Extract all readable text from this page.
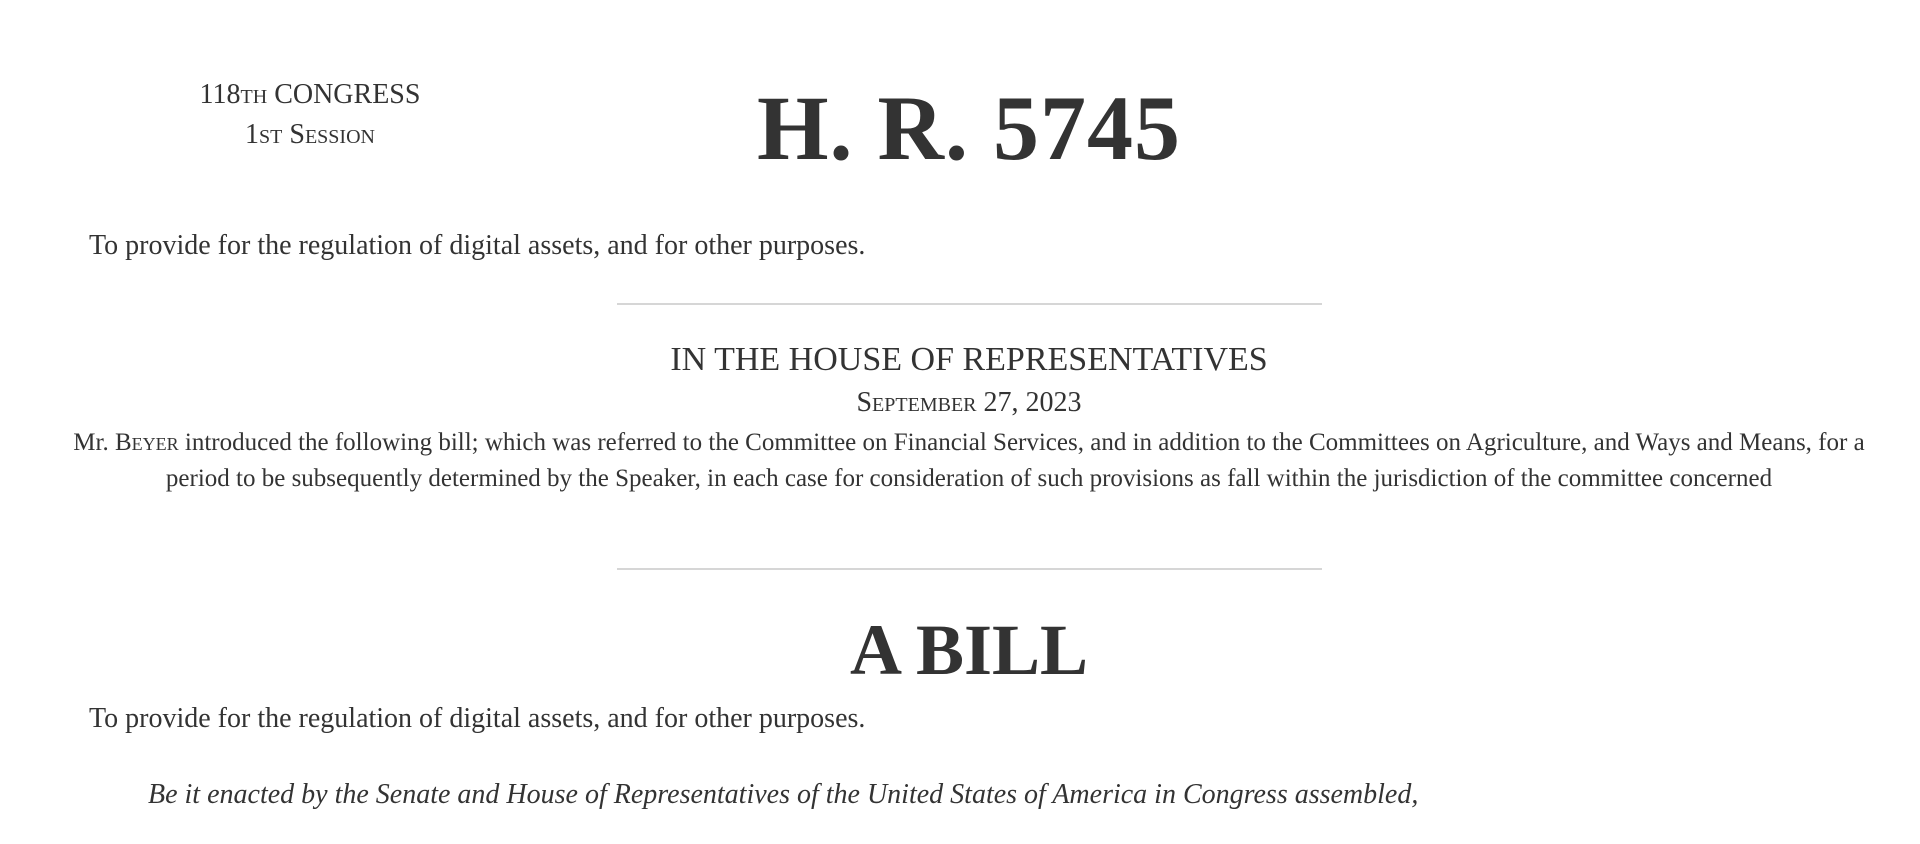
118th CONGRESS
1st Session	H. R. 5745
To provide for the regulation of digital assets, and for other purposes.
IN THE HOUSE OF REPRESENTATIVES
September 27, 2023
Mr. Beyer introduced the following bill; which was referred to the Committee on Financial Services, and in addition to the Committees on Agriculture, and Ways and Means, for a period to be subsequently determined by the Speaker, in each case for consideration of such provisions as fall within the jurisdiction of the committee concerned
A BILL
To provide for the regulation of digital assets, and for other purposes.
Be it enacted by the Senate and House of Representatives of the United States of America in Congress assembled,
